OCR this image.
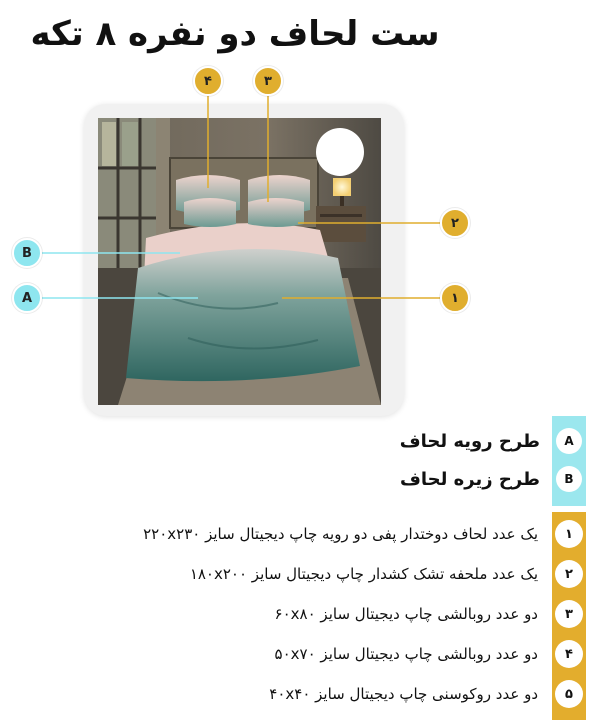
ست لحاف دو نفره ۸ تکه
۴	۳
۲
۱
B
A
A
طرح رویه لحاف
B
طرح زیره لحاف
۱
یک عدد لحاف دوختدار پفی دو رویه چاپ دیجیتال سایز ۲۲۰x۲۳۰
۲
یک عدد ملحفه تشک کشدار چاپ دیجیتال سایز ۱۸۰x۲۰۰
۳
دو عدد روبالشی چاپ دیجیتال سایز ۶۰x۸۰
۴
دو عدد روبالشی چاپ دیجیتال سایز ۵۰x۷۰
۵
دو عدد روکوسنی چاپ دیجیتال سایز ۴۰x۴۰
